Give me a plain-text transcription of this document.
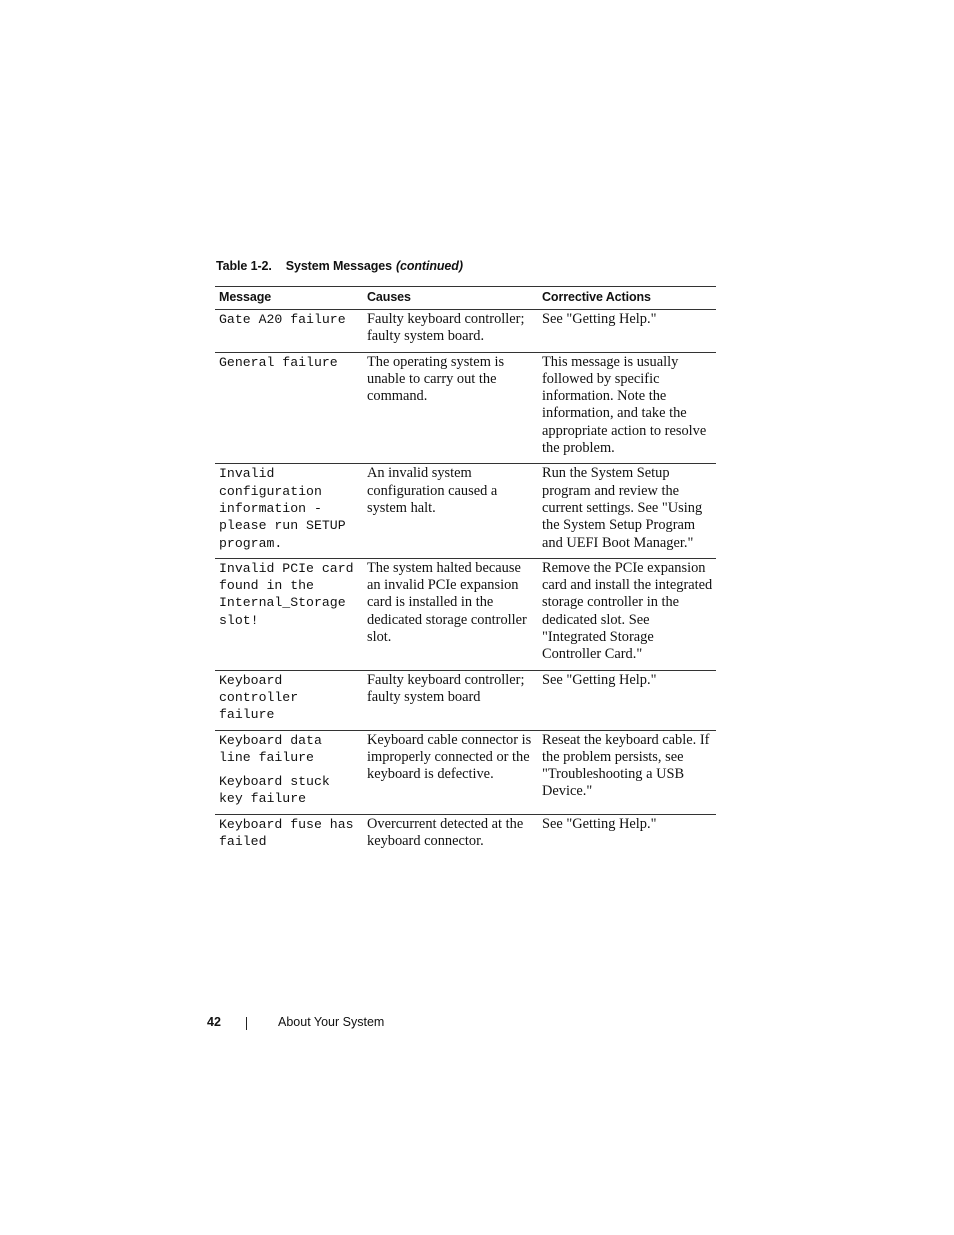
Table 1-2. System Messages (continued)
Message	Causes	Corrective Actions

Gate A20 failure	Faulty keyboard controller; faulty system board.	See "Getting Help."

General failure	The operating system is unable to carry out the command.	This message is usually followed by specific information. Note the information, and take the appropriate action to resolve the problem.

Invalid
configuration
information -
please run SETUP
program.	An invalid system configuration caused a system halt.	Run the System Setup program and review the current settings. See "Using the System Setup Program and UEFI Boot Manager."

Invalid PCIe card
found in the
Internal_Storage
slot!	The system halted because an invalid PCIe expansion card is installed in the dedicated storage controller slot.	Remove the PCIe expansion card and install the integrated storage controller in the dedicated slot. See "Integrated Storage Controller Card."

Keyboard
controller
failure	Faulty keyboard controller; faulty system board	See "Getting Help."

Keyboard data
line failure
Keyboard stuck
key failure	Keyboard cable connector is improperly connected or the keyboard is defective.	Reseat the keyboard cable. If the problem persists, see "Troubleshooting a USB Device."

Keyboard fuse has
failed	Overcurrent detected at the keyboard connector.	See "Getting Help."
42	About Your System
